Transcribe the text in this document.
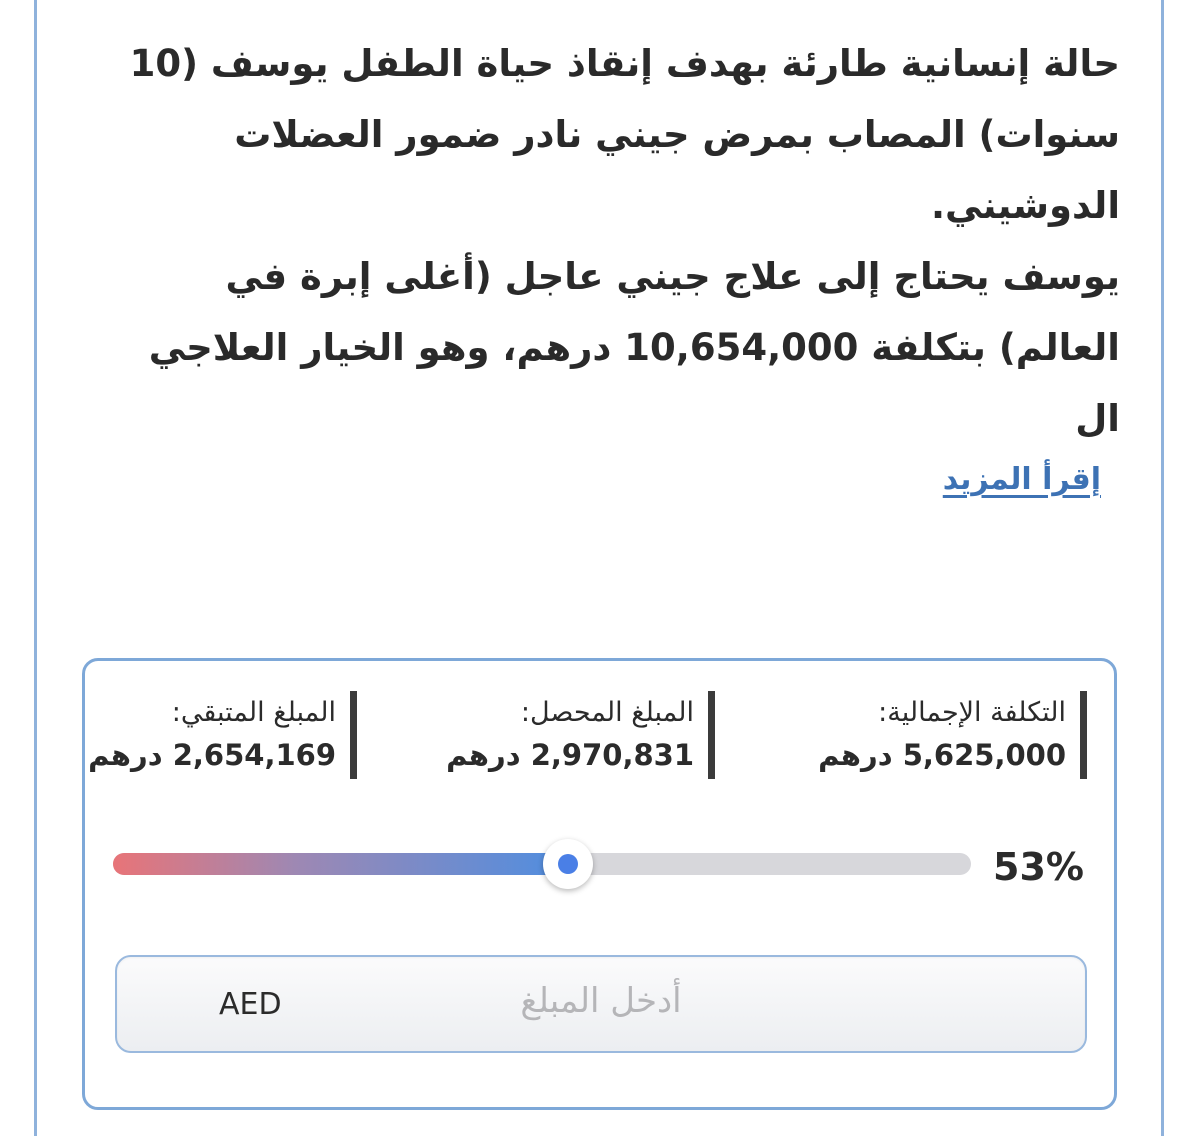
حالة إنسانية طارئة بهدف إنقاذ حياة الطفل يوسف (10 سنوات) المصاب بمرض جيني نادر ضمور العضلات الدوشيني.

يوسف يحتاج إلى علاج جيني عاجل (أغلى إبرة في العالم) بتكلفة 10,654,000 درهم، وهو الخيار العلاجي ال

إقرأ المزيد
التكلفة الإجمالية:
5,625,000 درهم
المبلغ المحصل:
2,970,831 درهم
المبلغ المتبقي:
2,654,169 درهم
53%
AED	أدخل المبلغ
